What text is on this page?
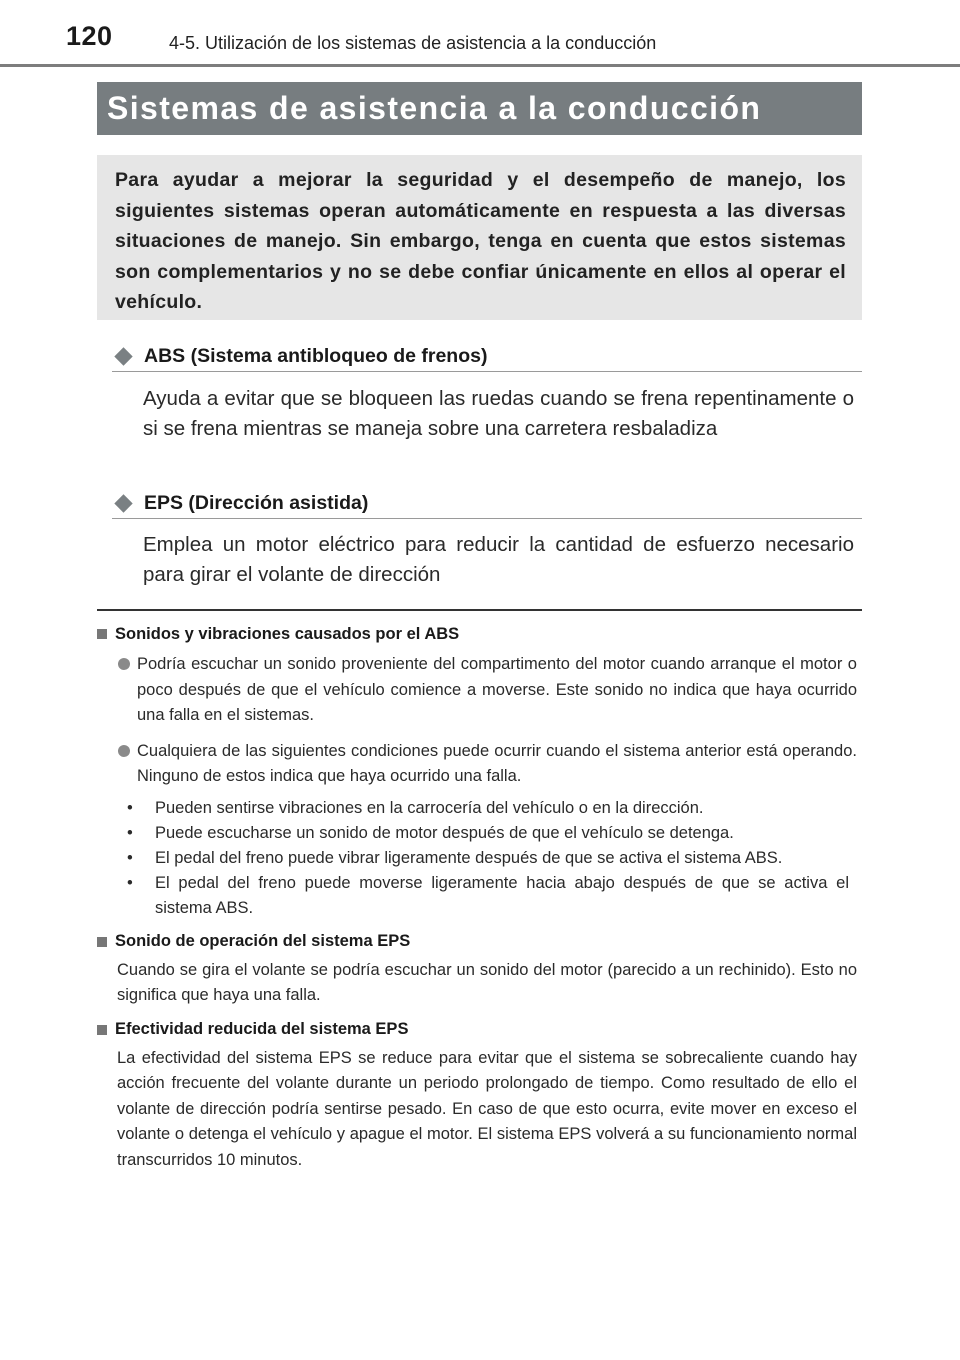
120	4-5. Utilización de los sistemas de asistencia a la conducción
Sistemas de asistencia a la conducción

Para ayudar a mejorar la seguridad y el desempeño de manejo, los siguientes sistemas operan automáticamente en respuesta a las diversas situaciones de manejo. Sin embargo, tenga en cuenta que estos sistemas son complementarios y no se debe confiar únicamente en ellos al operar el vehículo.

ABS (Sistema antibloqueo de frenos)

Ayuda a evitar que se bloqueen las ruedas cuando se frena repentinamente o si se frena mientras se maneja sobre una carretera resbaladiza

EPS (Dirección asistida)

Emplea un motor eléctrico para reducir la cantidad de esfuerzo necesario para girar el volante de dirección

Sonidos y vibraciones causados por el ABS

Podría escuchar un sonido proveniente del compartimento del motor cuando arranque el motor o poco después de que el vehículo comience a moverse. Este sonido no indica que haya ocurrido una falla en el sistemas.

Cualquiera de las siguientes condiciones puede ocurrir cuando el sistema anterior está operando. Ninguno de estos indica que haya ocurrido una falla.

• Pueden sentirse vibraciones en la carrocería del vehículo o en la dirección.
• Puede escucharse un sonido de motor después de que el vehículo se detenga.
• El pedal del freno puede vibrar ligeramente después de que se activa el sistema ABS.
• El pedal del freno puede moverse ligeramente hacia abajo después de que se activa el sistema ABS.
Sonido de operación del sistema EPS

Cuando se gira el volante se podría escuchar un sonido del motor (parecido a un rechinido). Esto no significa que haya una falla.

Efectividad reducida del sistema EPS

La efectividad del sistema EPS se reduce para evitar que el sistema se sobrecaliente cuando hay acción frecuente del volante durante un periodo prolongado de tiempo. Como resultado de ello el volante de dirección podría sentirse pesado. En caso de que esto ocurra, evite mover en exceso el volante o detenga el vehículo y apague el motor. El sistema EPS volverá a su funcionamiento normal transcurridos 10 minutos.
